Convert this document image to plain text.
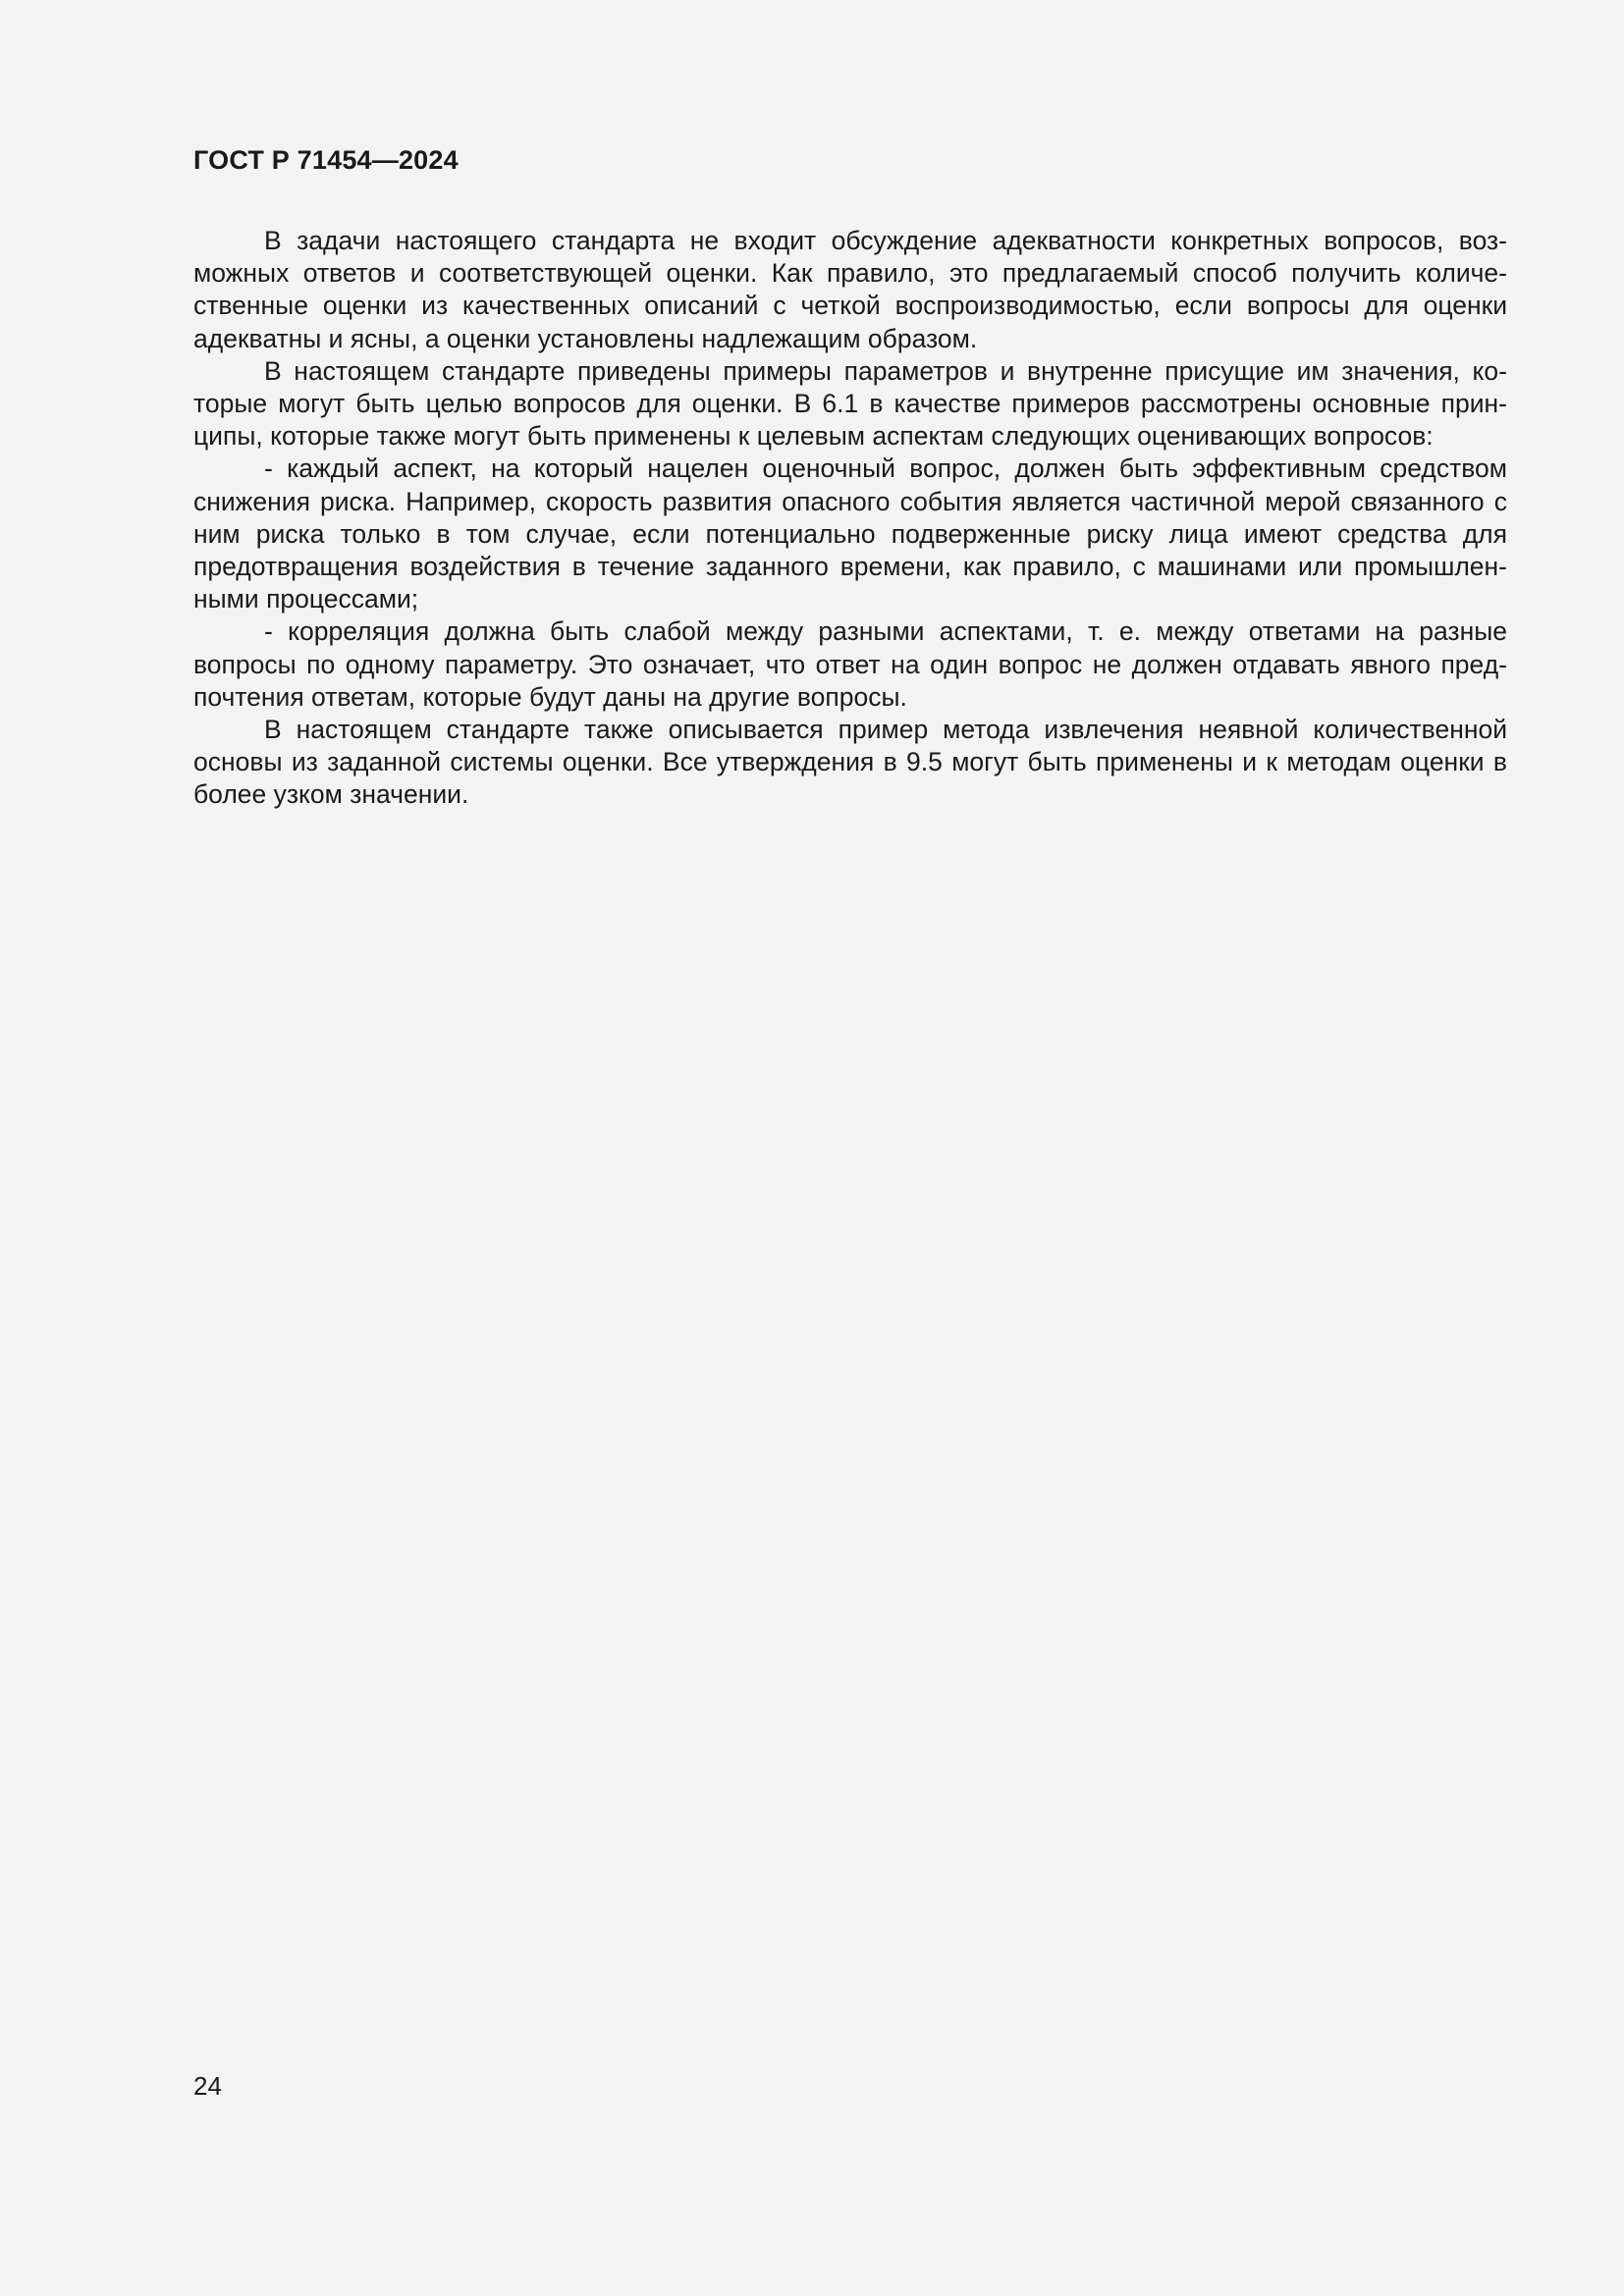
ГОСТ Р 71454—2024

В задачи настоящего стандарта не входит обсуждение адекватности конкретных вопросов, возможных ответов и соответствующей оценки. Как правило, это предлагаемый способ получить количественные оценки из качественных описаний с четкой воспроизводимостью, если вопросы для оценки адекватны и ясны, а оценки установлены надлежащим образом.

В настоящем стандарте приведены примеры параметров и внутренне присущие им значения, которые могут быть целью вопросов для оценки. В 6.1 в качестве примеров рассмотрены основные принципы, которые также могут быть применены к целевым аспектам следующих оценивающих вопросов:

- каждый аспект, на который нацелен оценочный вопрос, должен быть эффективным средством снижения риска. Например, скорость развития опасного события является частичной мерой связанного с ним риска только в том случае, если потенциально подверженные риску лица имеют средства для предотвращения воздействия в течение заданного времени, как правило, с машинами или промышленными процессами;

- корреляция должна быть слабой между разными аспектами, т. е. между ответами на разные вопросы по одному параметру. Это означает, что ответ на один вопрос не должен отдавать явного предпочтения ответам, которые будут даны на другие вопросы.

В настоящем стандарте также описывается пример метода извлечения неявной количественной основы из заданной системы оценки. Все утверждения в 9.5 могут быть применены и к методам оценки в более узком значении.

24
